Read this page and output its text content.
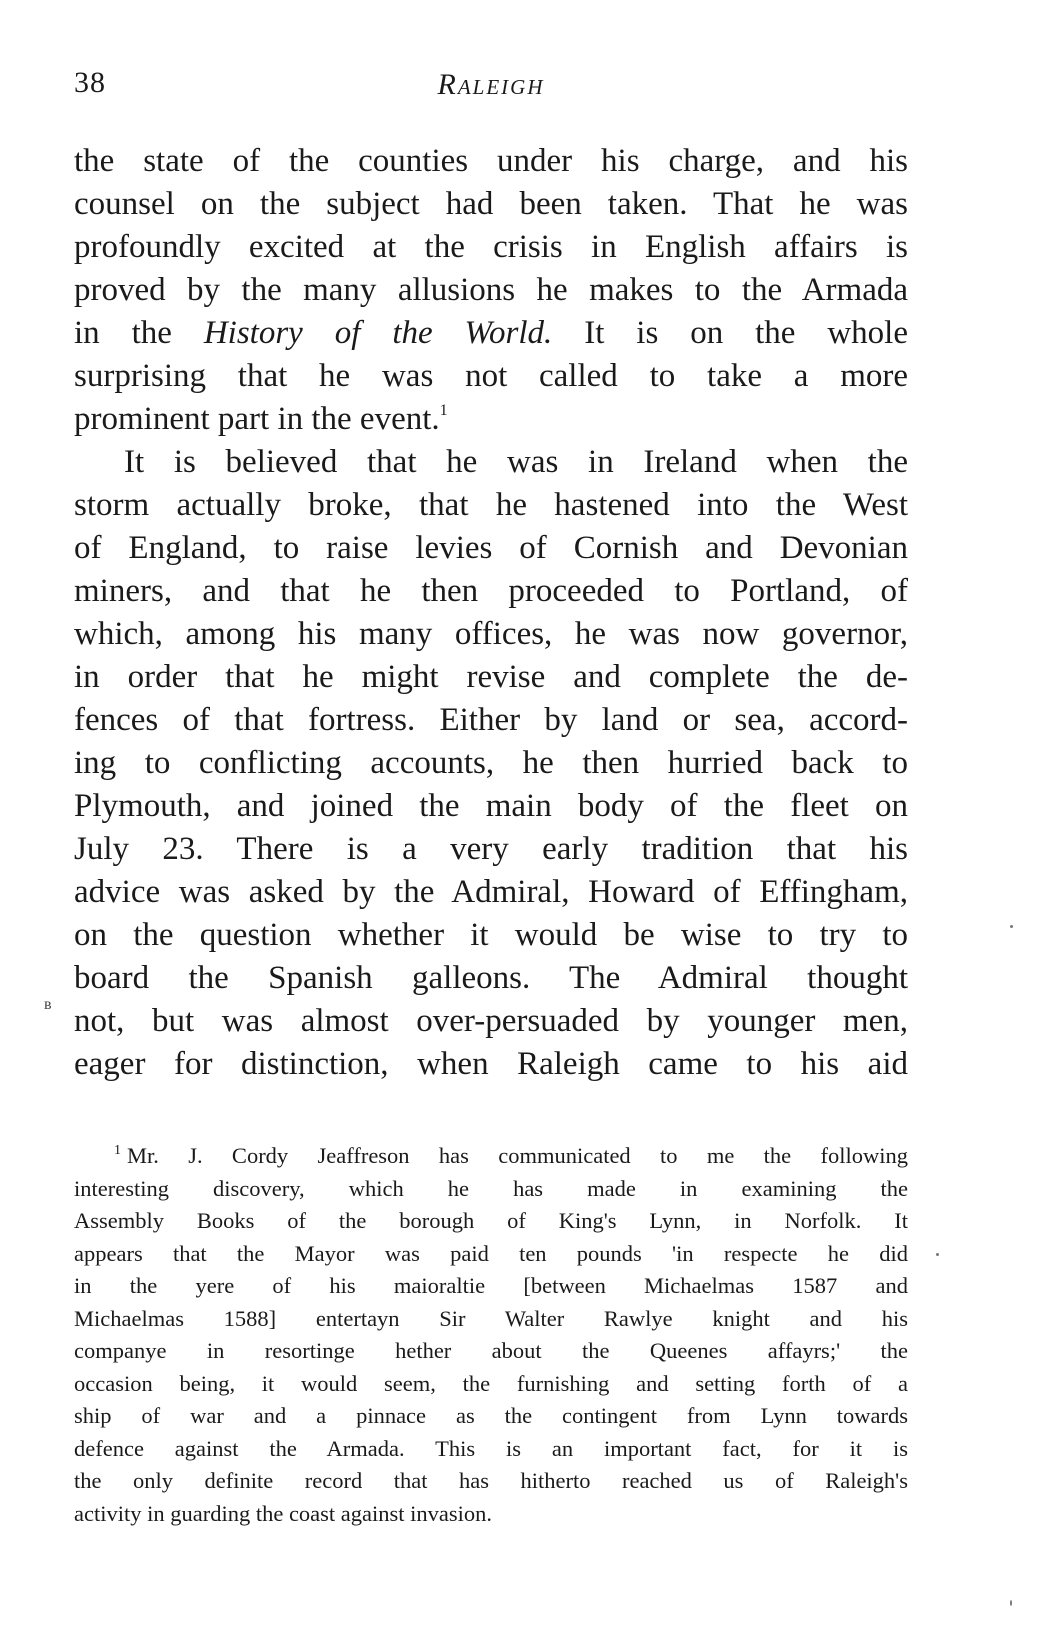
38	Raleigh
the state of the counties under his charge, and his
counsel on the subject had been taken. That he was
profoundly excited at the crisis in English affairs is
proved by the many allusions he makes to the Armada
in the History of the World. It is on the whole
surprising that he was not called to take a more
prominent part in the event.$^1$
It is believed that he was in Ireland when the
storm actually broke, that he hastened into the West
of England, to raise levies of Cornish and Devonian
miners, and that he then proceeded to Portland, of
which, among his many offices, he was now governor,
in order that he might revise and complete the de-
fences of that fortress. Either by land or sea, accord-
ing to conflicting accounts, he then hurried back to
Plymouth, and joined the main body of the fleet on
July 23. There is a very early tradition that his
advice was asked by the Admiral, Howard of Effingham,
on the question whether it would be wise to try to
board the Spanish galleons. The Admiral thought
not, but was almost over-persuaded by younger men,
eager for distinction, when Raleigh came to his aid
ʙ
$^1$ Mr. J. Cordy Jeaffreson has communicated to me the following
interesting discovery, which he has made in examining the
Assembly Books of the borough of King's Lynn, in Norfolk. It
appears that the Mayor was paid ten pounds 'in respecte he did
in the yere of his maioraltie [between Michaelmas 1587 and
Michaelmas 1588] entertayn Sir Walter Rawlye knight and his
companye in resortinge hether about the Queenes affayrs;' the
occasion being, it would seem, the furnishing and setting forth of a
ship of war and a pinnace as the contingent from Lynn towards
defence against the Armada. This is an important fact, for it is
the only definite record that has hitherto reached us of Raleigh's
activity in guarding the coast against invasion.
